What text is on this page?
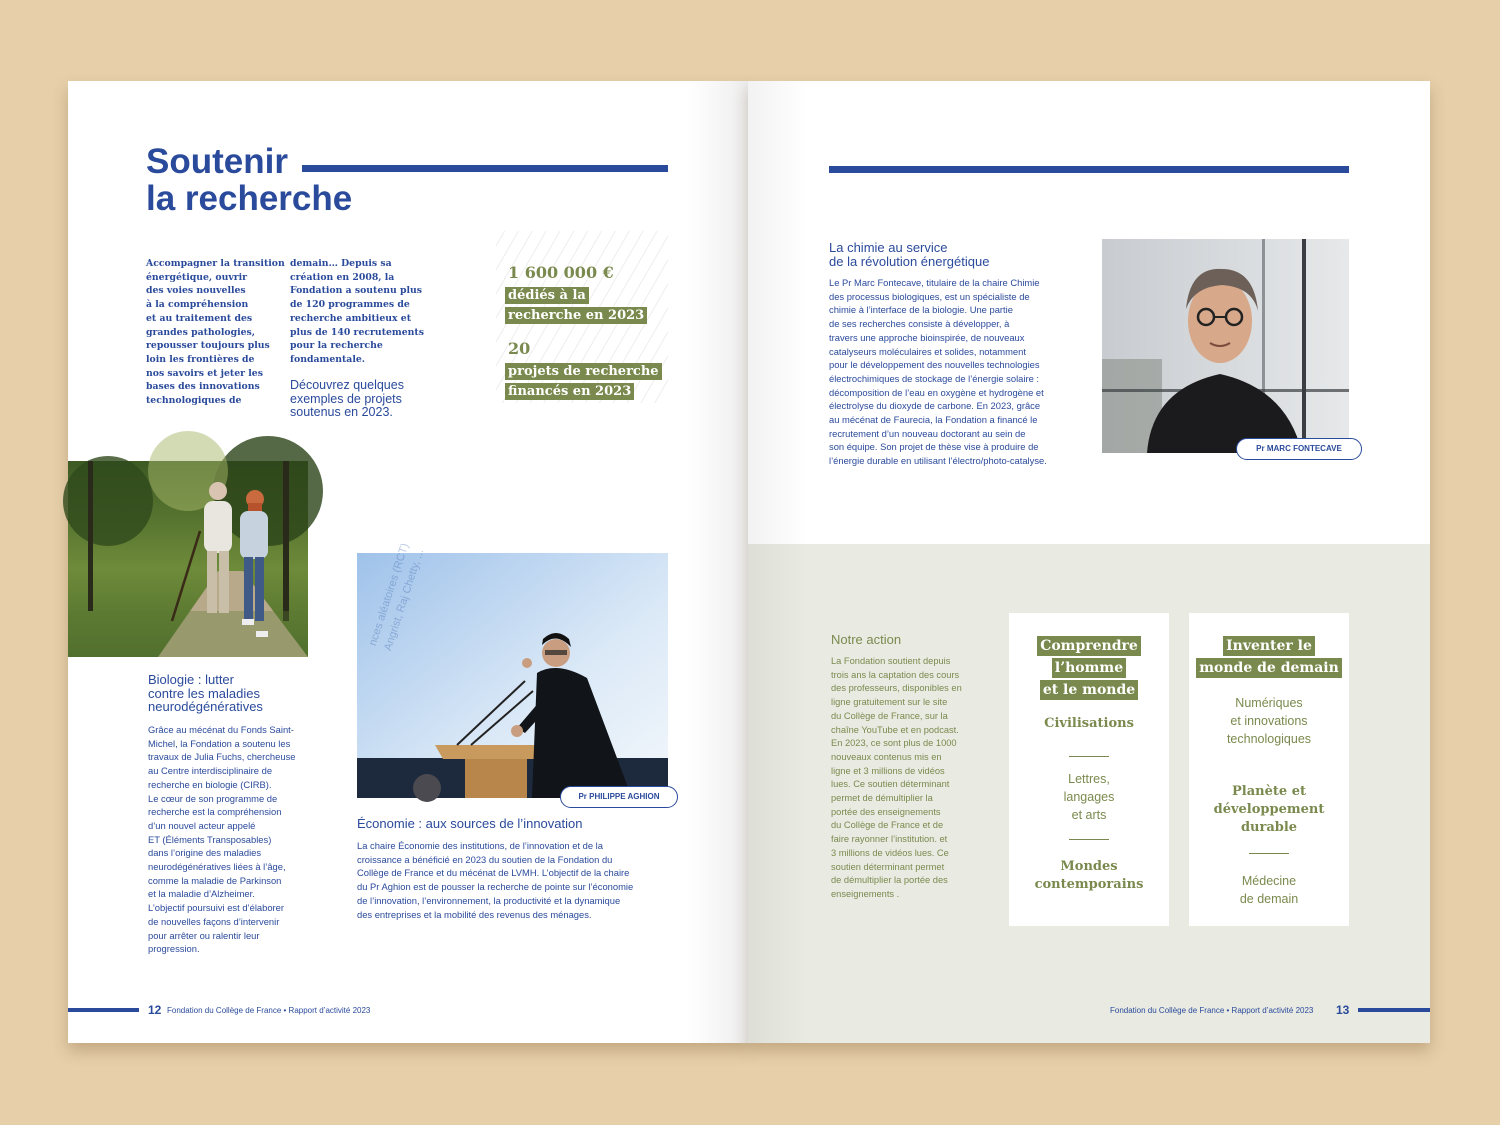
Soutenir
la recherche
Accompagner la transition
énergétique, ouvrir
des voies nouvelles
à la compréhension
et au traitement des
grandes pathologies,
repousser toujours plus
loin les frontières de
nos savoirs et jeter les
bases des innovations
technologiques de
demain… Depuis sa
création en 2008, la
Fondation a soutenu plus
de 120 programmes de
recherche ambitieux et
plus de 140 recrutements
pour la recherche
fondamentale.
Découvrez quelques
exemples de projets
soutenus en 2023.
1 600 000 €
dédiés à la
recherche en 2023
20
projets de recherche
financés en 2023
Biologie : lutter
contre les maladies
neurodégénératives
Grâce au mécénat du Fonds Saint-
Michel, la Fondation a soutenu les
travaux de Julia Fuchs, chercheuse
au Centre interdisciplinaire de
recherche en biologie (CIRB).
Le cœur de son programme de
recherche est la compréhension
d’un nouvel acteur appelé
ET (Éléments Transposables)
dans l’origine des maladies
neurodégénératives liées à l’âge,
comme la maladie de Parkinson
et la maladie d’Alzheimer.
L’objectif poursuivi est d’élaborer
de nouvelles façons d’intervenir
pour arrêter ou ralentir leur
progression.
nces aléatoires (RCT)
Angrist, Raj Chetty, ...
Pr PHILIPPE AGHION
Économie : aux sources de l’innovation
La chaire Économie des institutions, de l’innovation et de la
croissance a bénéficié en 2023 du soutien de la Fondation du
Collège de France et du mécénat de LVMH. L’objectif de la chaire
du Pr Aghion est de pousser la recherche de pointe sur l’économie
de l’innovation, l’environnement, la productivité et la dynamique
des entreprises et la mobilité des revenus des ménages.
12 Fondation du Collège de France • Rapport d’activité 2023
La chimie au service
de la révolution énergétique
Le Pr Marc Fontecave, titulaire de la chaire Chimie
des processus biologiques, est un spécialiste de
chimie à l’interface de la biologie. Une partie
de ses recherches consiste à développer, à
travers une approche bioinspirée, de nouveaux
catalyseurs moléculaires et solides, notamment
pour le développement des nouvelles technologies
électrochimiques de stockage de l’énergie solaire :
décomposition de l’eau en oxygène et hydrogène et
électrolyse du dioxyde de carbone. En 2023, grâce
au mécénat de Faurecia, la Fondation a financé le
recrutement d’un nouveau doctorant au sein de
son équipe. Son projet de thèse vise à produire de
l’énergie durable en utilisant l’électro/photo-catalyse.
Pr MARC FONTECAVE
Notre action
La Fondation soutient depuis
trois ans la captation des cours
des professeurs, disponibles en
ligne gratuitement sur le site
du Collège de France, sur la
chaîne YouTube et en podcast.
En 2023, ce sont plus de 1000
nouveaux contenus mis en
ligne et 3 millions de vidéos
lues. Ce soutien déterminant
permet de démultiplier la
portée des enseignements
du Collège de France et de
faire rayonner l’institution. et
3 millions de vidéos lues. Ce
soutien déterminant permet
de démultiplier la portée des
enseignements .
Comprendre
l’homme
et le monde
Civilisations
Lettres,
langages
et arts
Mondes
contemporains
Inventer le
monde de demain
Numériques
et innovations
technologiques
Planète et
développement
durable
Médecine
de demain
Fondation du Collège de France • Rapport d’activité 2023 13
